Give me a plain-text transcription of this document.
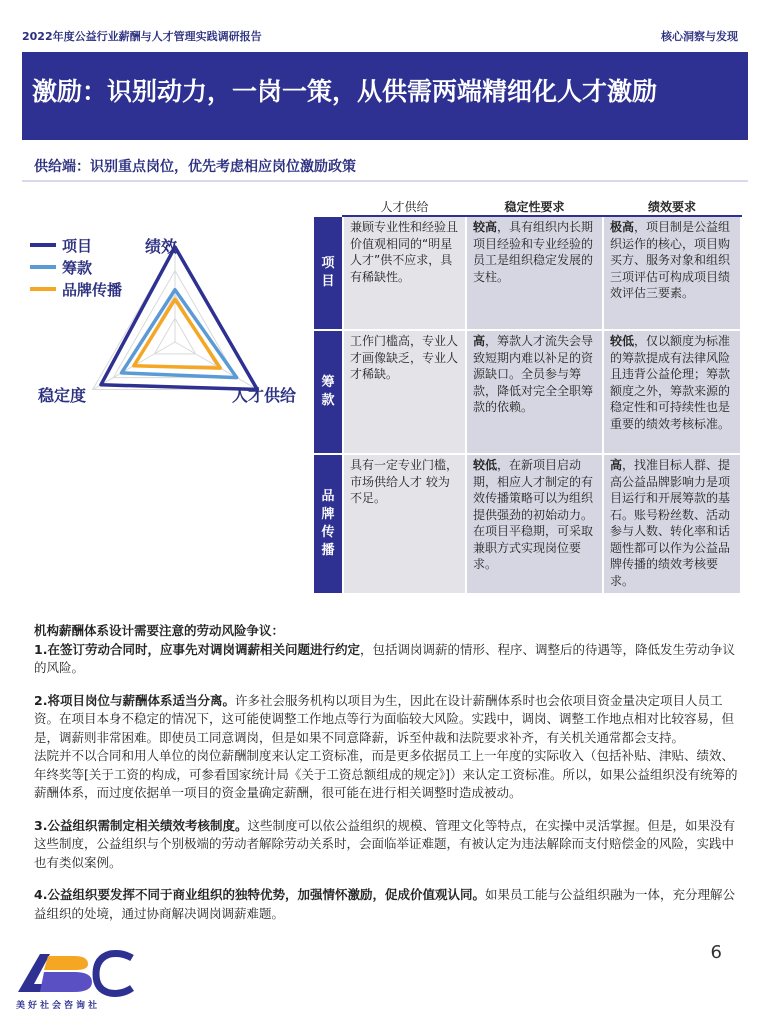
2022年度公益行业薪酬与人才管理实践调研报告	核心洞察与发现
激励：识别动力，一岗一策，从供需两端精细化人才激励
供给端：识别重点岗位，优先考虑相应岗位激励政策
项目
筹款
品牌传播
绩效
人才供给
稳定度
	人才供给	稳定性要求	绩效要求
项目	兼顾专业性和经验且价值观相同的“明星人才”供不应求，具有稀缺性。	较高，具有组织内长期项目经验和专业经验的员工是组织稳定发展的支柱。	极高，项目制是公益组织运作的核心，项目购买方、服务对象和组织三项评估可构成项目绩效评估三要素。
筹款	工作门槛高，专业人才画像缺乏，专业人才稀缺。	高，筹款人才流失会导致短期内难以补足的资源缺口。全员参与筹款，降低对完全全职筹款的依赖。	较低，仅以额度为标准的筹款提成有法律风险且违背公益伦理；筹款额度之外，筹款来源的稳定性和可持续性也是重要的绩效考核标准。
品牌传播	具有一定专业门槛，市场供给人才 较为不足。	较低，在新项目启动期，相应人才制定的有效传播策略可以为组织提供强劲的初始动力。在项目平稳期，可采取兼职方式实现岗位要求。	高，找准目标人群、提高公益品牌影响力是项目运行和开展筹款的基石。账号粉丝数、活动参与人数、转化率和话题性都可以作为公益品牌传播的绩效考核要求。

机构薪酬体系设计需要注意的劳动风险争议：

1.在签订劳动合同时，应事先对调岗调薪相关问题进行约定，包括调岗调薪的情形、程序、调整后的待遇等，降低发生劳动争议的风险。

2.将项目岗位与薪酬体系适当分离。许多社会服务机构以项目为生，因此在设计薪酬体系时也会依项目资金量决定项目人员工资。在项目本身不稳定的情况下，这可能使调整工作地点等行为面临较大风险。实践中，调岗、调整工作地点相对比较容易，但是，调薪则非常困难。即使员工同意调岗，但是如果不同意降薪，诉至仲裁和法院要求补齐，有关机关通常都会支持。
法院并不以合同和用人单位的岗位薪酬制度来认定工资标准，而是更多依据员工上一年度的实际收入（包括补贴、津贴、绩效、年终奖等[关于工资的构成，可参看国家统计局《关于工资总额组成的规定》]）来认定工资标准。所以，如果公益组织没有统筹的薪酬体系，而过度依据单一项目的资金量确定薪酬，很可能在进行相关调整时造成被动。

3.公益组织需制定相关绩效考核制度。这些制度可以依公益组织的规模、管理文化等特点，在实操中灵活掌握。但是，如果没有这些制度，公益组织与个别极端的劳动者解除劳动关系时，会面临举证难题，有被认定为违法解除而支付赔偿金的风险，实践中也有类似案例。

4.公益组织要发挥不同于商业组织的独特优势，加强情怀激励，促成价值观认同。如果员工能与公益组织融为一体，充分理解公益组织的处境，通过协商解决调岗调薪难题。

6
美好社会咨询社
